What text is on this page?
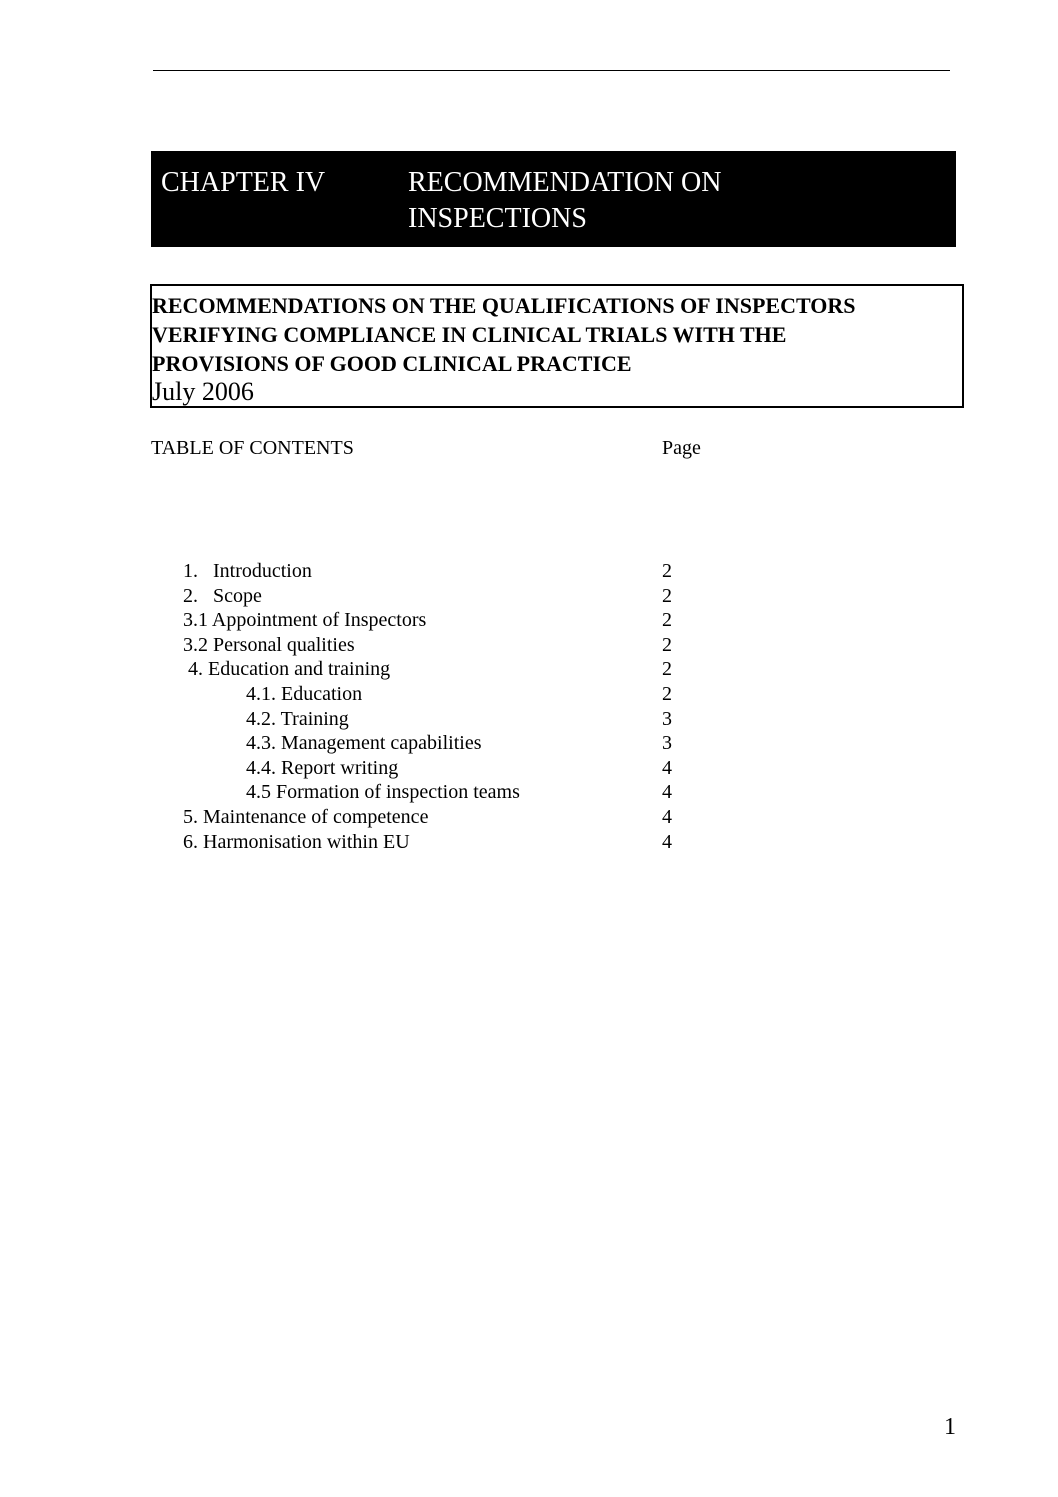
CHAPTER IV	RECOMMENDATION ON
INSPECTIONS
RECOMMENDATIONS ON THE QUALIFICATIONS OF INSPECTORS
VERIFYING COMPLIANCE IN CLINICAL TRIALS WITH THE
PROVISIONS OF GOOD CLINICAL PRACTICE
July 2006
TABLE OF CONTENTS	Page
1.   Introduction	2
2.   Scope	2
3.1 Appointment of Inspectors	2
3.2 Personal qualities	2
4. Education and training	2
4.1. Education	2
4.2. Training	3
4.3. Management capabilities	3
4.4. Report writing	4
4.5 Formation of inspection teams	4
5. Maintenance of competence	4
6. Harmonisation within EU	4
1
